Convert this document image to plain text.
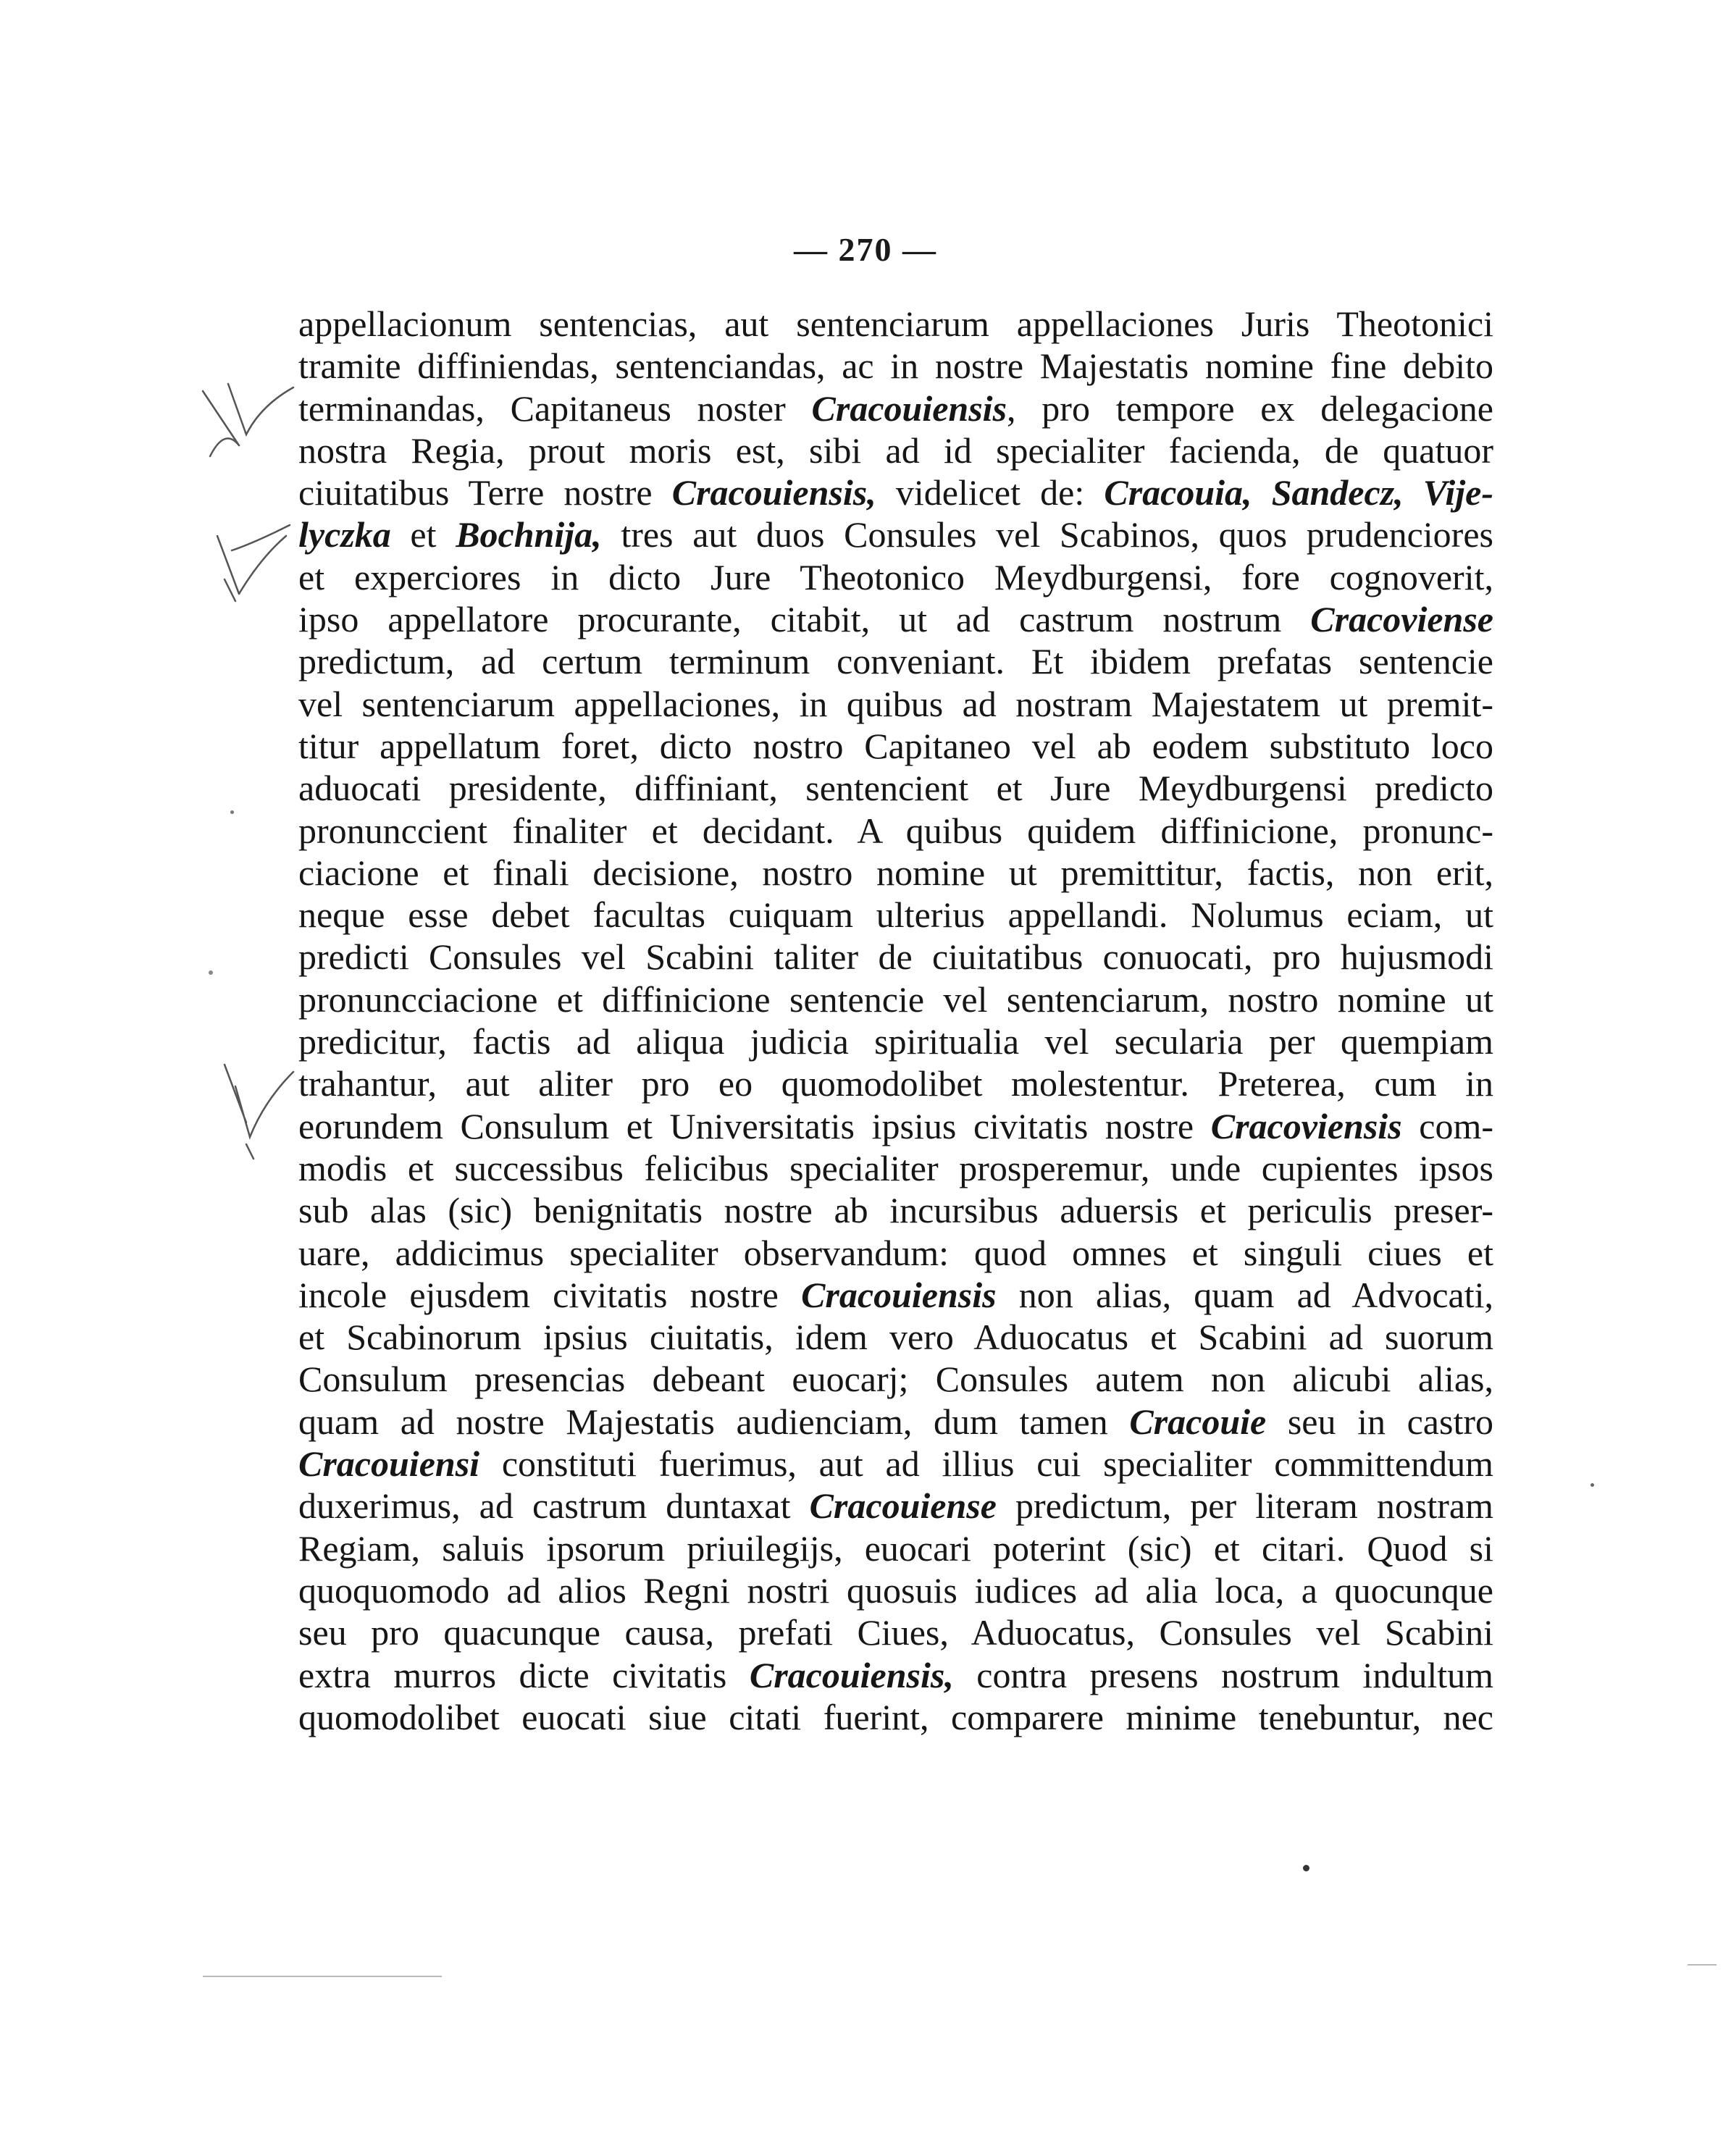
— 270 —
appellacionum sentencias, aut sentenciarum appellaciones Juris Theotonici
tramite diffiniendas, sentenciandas, ac in nostre Majestatis nomine fine debito
terminandas, Capitaneus noster Cracouiensis, pro tempore ex delegacione
nostra Regia, prout moris est, sibi ad id specialiter facienda, de quatuor
ciuitatibus Terre nostre Cracouiensis, videlicet de: Cracouia, Sandecz, Vije-
lyczka et Bochnija, tres aut duos Consules vel Scabinos, quos prudenciores
et experciores in dicto Jure Theotonico Meydburgensi, fore cognoverit,
ipso appellatore procurante, citabit, ut ad castrum nostrum Cracoviense
predictum, ad certum terminum conveniant. Et ibidem prefatas sentencie
vel sentenciarum appellaciones, in quibus ad nostram Majestatem ut premit-
titur appellatum foret, dicto nostro Capitaneo vel ab eodem substituto loco
aduocati presidente, diffiniant, sentencient et Jure Meydburgensi predicto
pronunccient finaliter et decidant. A quibus quidem diffinicione, pronunc-
ciacione et finali decisione, nostro nomine ut premittitur, factis, non erit,
neque esse debet facultas cuiquam ulterius appellandi. Nolumus eciam, ut
predicti Consules vel Scabini taliter de ciuitatibus conuocati, pro hujusmodi
pronuncciacione et diffinicione sentencie vel sentenciarum, nostro nomine ut
predicitur, factis ad aliqua judicia spiritualia vel secularia per quempiam
trahantur, aut aliter pro eo quomodolibet molestentur. Preterea, cum in
eorundem Consulum et Universitatis ipsius civitatis nostre Cracoviensis com-
modis et successibus felicibus specialiter prosperemur, unde cupientes ipsos
sub alas (sic) benignitatis nostre ab incursibus aduersis et periculis preser-
uare, addicimus specialiter observandum: quod omnes et singuli ciues et
incole ejusdem civitatis nostre Cracouiensis non alias, quam ad Advocati,
et Scabinorum ipsius ciuitatis, idem vero Aduocatus et Scabini ad suorum
Consulum presencias debeant euocarj; Consules autem non alicubi alias,
quam ad nostre Majestatis audienciam, dum tamen Cracouie seu in castro
Cracouiensi constituti fuerimus, aut ad illius cui specialiter committendum
duxerimus, ad castrum duntaxat Cracouiense predictum, per literam nostram
Regiam, saluis ipsorum priuilegijs, euocari poterint (sic) et citari. Quod si
quoquomodo ad alios Regni nostri quosuis iudices ad alia loca, a quocunque
seu pro quacunque causa, prefati Ciues, Aduocatus, Consules vel Scabini
extra murros dicte civitatis Cracouiensis, contra presens nostrum indultum
quomodolibet euocati siue citati fuerint, comparere minime tenebuntur, nec
